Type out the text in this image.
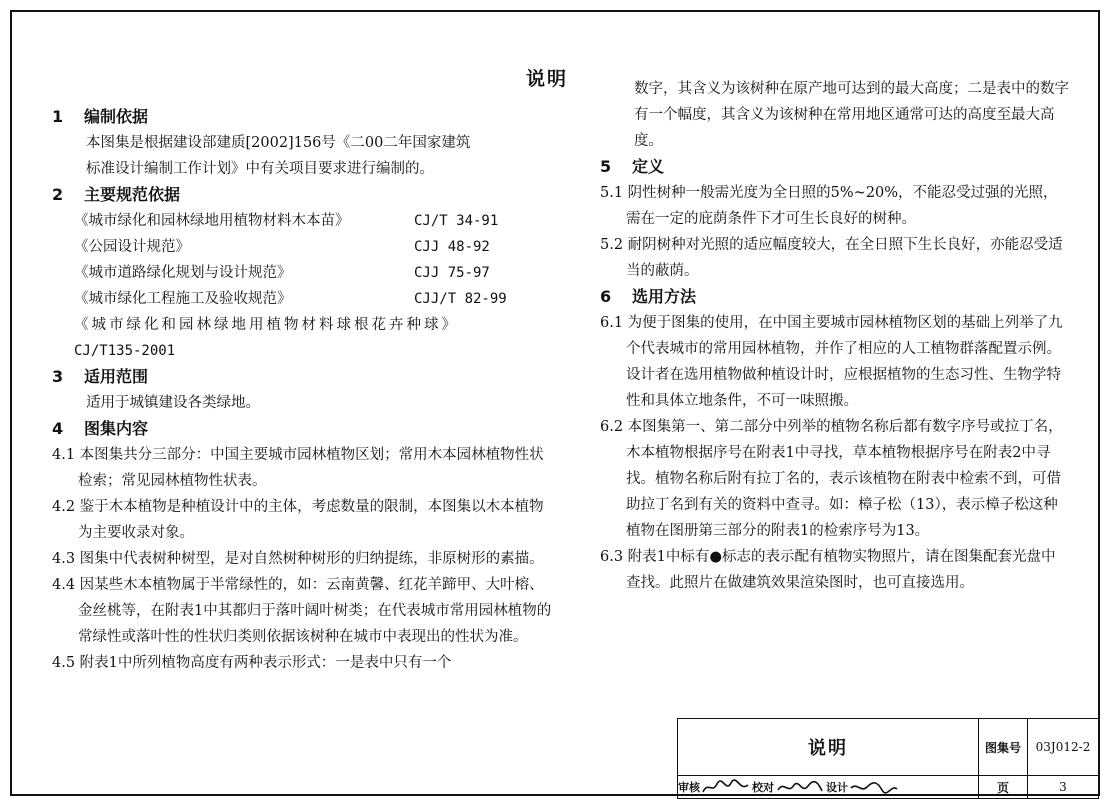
说明

1 编制依据

本图集是根据建设部建质[2002]156号《二00二年国家建筑

标准设计编制工作计划》中有关项目要求进行编制的。

2 主要规范依据

《城市绿化和园林绿地用植物材料木本苗》	CJ/T 34-91
《公园设计规范》	CJJ 48-92
《城市道路绿化规划与设计规范》	CJJ 75-97
《城市绿化工程施工及验收规范》	CJJ/T 82-99

《城市绿化和园林绿地用植物材料球根花卉种球》

CJ/T135-2001

3 适用范围

适用于城镇建设各类绿地。

4 图集内容

4.1 本图集共分三部分：中国主要城市园林植物区划；常用木本园林植物性状检索；常见园林植物性状表。

4.2 鉴于木本植物是种植设计中的主体，考虑数量的限制，本图集以木本植物为主要收录对象。

4.3 图集中代表树种树型，是对自然树种树形的归纳提练，非原树形的素描。

4.4 因某些木本植物属于半常绿性的，如：云南黄馨、红花羊蹄甲、大叶榕、金丝桃等，在附表1中其都归于落叶阔叶树类；在代表城市常用园林植物的常绿性或落叶性的性状归类则依据该树种在城市中表现出的性状为准。

4.5 附表1中所列植物高度有两种表示形式：一是表中只有一个

数字，其含义为该树种在原产地可达到的最大高度；二是表中的数字有一个幅度，其含义为该树种在常用地区通常可达的高度至最大高度。

5 定义

5.1 阴性树种一般需光度为全日照的5%~20%，不能忍受过强的光照，需在一定的庇荫条件下才可生长良好的树种。

5.2 耐阴树种对光照的适应幅度较大，在全日照下生长良好，亦能忍受适当的蔽荫。

6 选用方法

6.1 为便于图集的使用，在中国主要城市园林植物区划的基础上列举了九个代表城市的常用园林植物，并作了相应的人工植物群落配置示例。设计者在选用植物做种植设计时，应根据植物的生态习性、生物学特性和具体立地条件，不可一味照搬。

6.2 本图集第一、第二部分中列举的植物名称后都有数字序号或拉丁名，木本植物根据序号在附表1中寻找，草本植物根据序号在附表2中寻找。植物名称后附有拉丁名的，表示该植物在附表中检索不到，可借助拉丁名到有关的资料中查寻。如：樟子松（13），表示樟子松这种植物在图册第三部分的附表1的检索序号为13。

6.3 附表1中标有●标志的表示配有植物实物照片，请在图集配套光盘中查找。此照片在做建筑效果渲染图时，也可直接选用。

说明	图集号	03J012-2

审核 校对 设计	页	3
